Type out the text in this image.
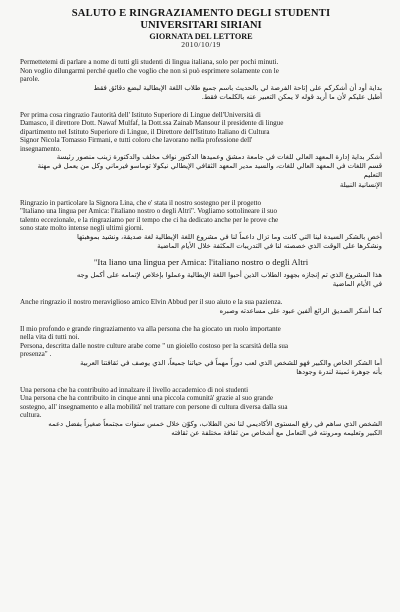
SALUTO E RINGRAZIAMENTO DEGLI STUDENTI
UNIVERSITARI SIRIANI
GIORNATA DEL LETTORE
2010/10/19

Permettetemi di parlare a nome di tutti gli studenti di lingua italiana, solo per pochi minuti.

Non voglio dilungarmi perché quello che voglio che non si può esprimere solamente con le

parole.

بداية أود أن أشكركم على إتاحة الفرصة لي بالحديث باسم جميع طلاب اللغة الإيطالية لبضع دقائق فقط

أطيل عليكم لأن ما أريد قوله لا يمكن التعبير عنه بالكلمات فقط.

Per prima cosa ringrazio l'autorità dell' Istituto Superiore di Lingue dell'Università di

Damasco, il direttore Dott. Nawaf Mulfaf, la Dott.ssa Zainab Mansour il presidente di lingue

dipartimento nel Istituto Superiore di Lingue, il Direttore dell'Istituto Italiano di Cultura

Signor Nicola Tomasso Firmani, e tutti coloro che lavorano nella professione dell'

insegnamento.

أشكر بداية إدارة المعهد العالي للغات في جامعة دمشق وعميدها الدكتور نواف مخلف والدكتورة زينب منصور رئيسة

قسم اللغات في المعهد العالي للغات، والسيد مدير المعهد الثقافي الإيطالي نيكولا توماسو فيرماني وكل من يعمل في مهنة التعليم

الإنسانية النبيلة

Ringrazio in particolare la Signora Lina, che e' stata il nostro sostegno per il progetto

"Italiano una lingua per Amica: l'italiano nostro o degli Altri". Vogliamo sottolineare il suo

talento eccezionale, e la ringraziamo per il tempo che ci ha dedicato anche per le prove che

sono state molto intense negli ultimi giorni.

أخص بالشكر السيدة لينا التي كانت وما تزال داعماً لنا في مشروع اللغة الإيطالية لغة صديقة، ونشيد بموهبتها

ونشكرها على الوقت الذي خصصته لنا في التدريبات المكثفة خلال الأيام الماضية

"Ita liano una lingua per Amica: l'italiano nostro o degli Altri

هذا المشروع الذي تم إنجازه بجهود الطلاب الذين أحبوا اللغة الإيطالية وعملوا بإخلاص لإتمامه على أكمل وجه

في الأيام الماضية

Anche ringrazio il nostro meraviglioso amico Elvin Abbud per il suo aiuto e la sua pazienza.

كما أشكر الصديق الرائع ألفين عبود على مساعدته وصبره

Il mio profondo e grande ringraziamento va alla persona che ha giocato un ruolo importante

nella vita di tutti noi.

Persona, descritta dalle nostre culture arabe come " un gioiello costoso per la scarsità della sua

presenza" .

أما الشكر الخاص والكبير فهو للشخص الذي لعب دوراً مهماً في حياتنا جميعاً، الذي يوصف في ثقافتنا العربية

بأنه جوهرة ثمينة لندرة وجودها

Una persona che ha contribuito ad innalzare il livello accademico di noi studenti

Una persona che ha contribuito in cinque anni una piccola comunità' grazie al suo grande

sostegno, all' insegnamento e alla mobilità' nel trattare con persone di cultura diversa dalla sua

cultura.

الشخص الذي ساهم في رفع المستوى الأكاديمي لنا نحن الطلاب، وكوّن خلال خمس سنوات مجتمعاً صغيراً بفضل دعمه

الكبير وتعليمه ومرونته في التعامل مع أشخاص من ثقافة مختلفة عن ثقافته
